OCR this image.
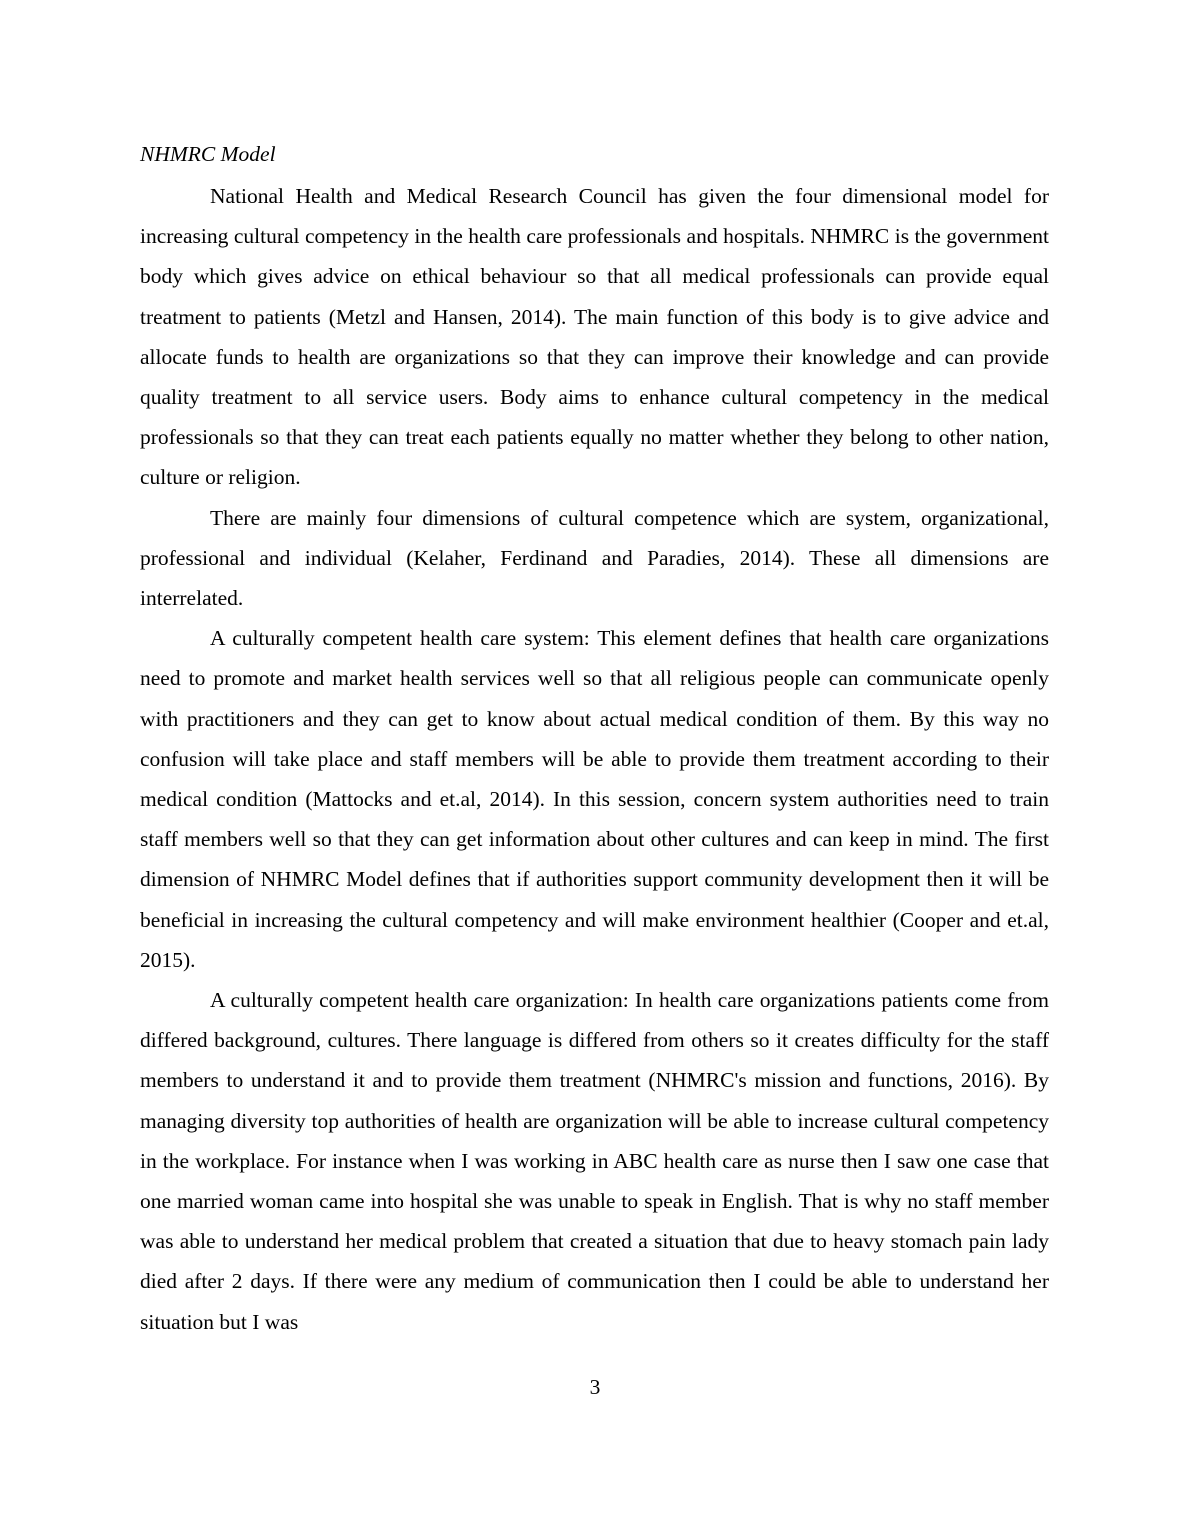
NHMRC Model

National Health and Medical Research Council has given the four dimensional model for increasing cultural competency in the health care professionals and hospitals. NHMRC is the government body which gives advice on ethical behaviour so that all medical professionals can provide equal treatment to patients (Metzl and Hansen, 2014). The main function of this body is to give advice and allocate funds to health are organizations so that they can improve their knowledge and can provide quality treatment to all service users. Body aims to enhance cultural competency in the medical professionals so that they can treat each patients equally no matter whether they belong to other nation, culture or religion.

There are mainly four dimensions of cultural competence which are system, organizational, professional and individual (Kelaher, Ferdinand and Paradies, 2014). These all dimensions are interrelated.

A culturally competent health care system: This element defines that health care organizations need to promote and market health services well so that all religious people can communicate openly with practitioners and they can get to know about actual medical condition of them. By this way no confusion will take place and staff members will be able to provide them treatment according to their medical condition (Mattocks and et.al, 2014). In this session, concern system authorities need to train staff members well so that they can get information about other cultures and can keep in mind. The first dimension of NHMRC Model defines that if authorities support community development then it will be beneficial in increasing the cultural competency and will make environment healthier (Cooper and et.al, 2015).

A culturally competent health care organization: In health care organizations patients come from differed background, cultures. There language is differed from others so it creates difficulty for the staff members to understand it and to provide them treatment (NHMRC's mission and functions, 2016). By managing diversity top authorities of health are organization will be able to increase cultural competency in the workplace. For instance when I was working in ABC health care as nurse then I saw one case that one married woman came into hospital she was unable to speak in English. That is why no staff member was able to understand her medical problem that created a situation that due to heavy stomach pain lady died after 2 days. If there were any medium of communication then I could be able to understand her situation but I was

3
